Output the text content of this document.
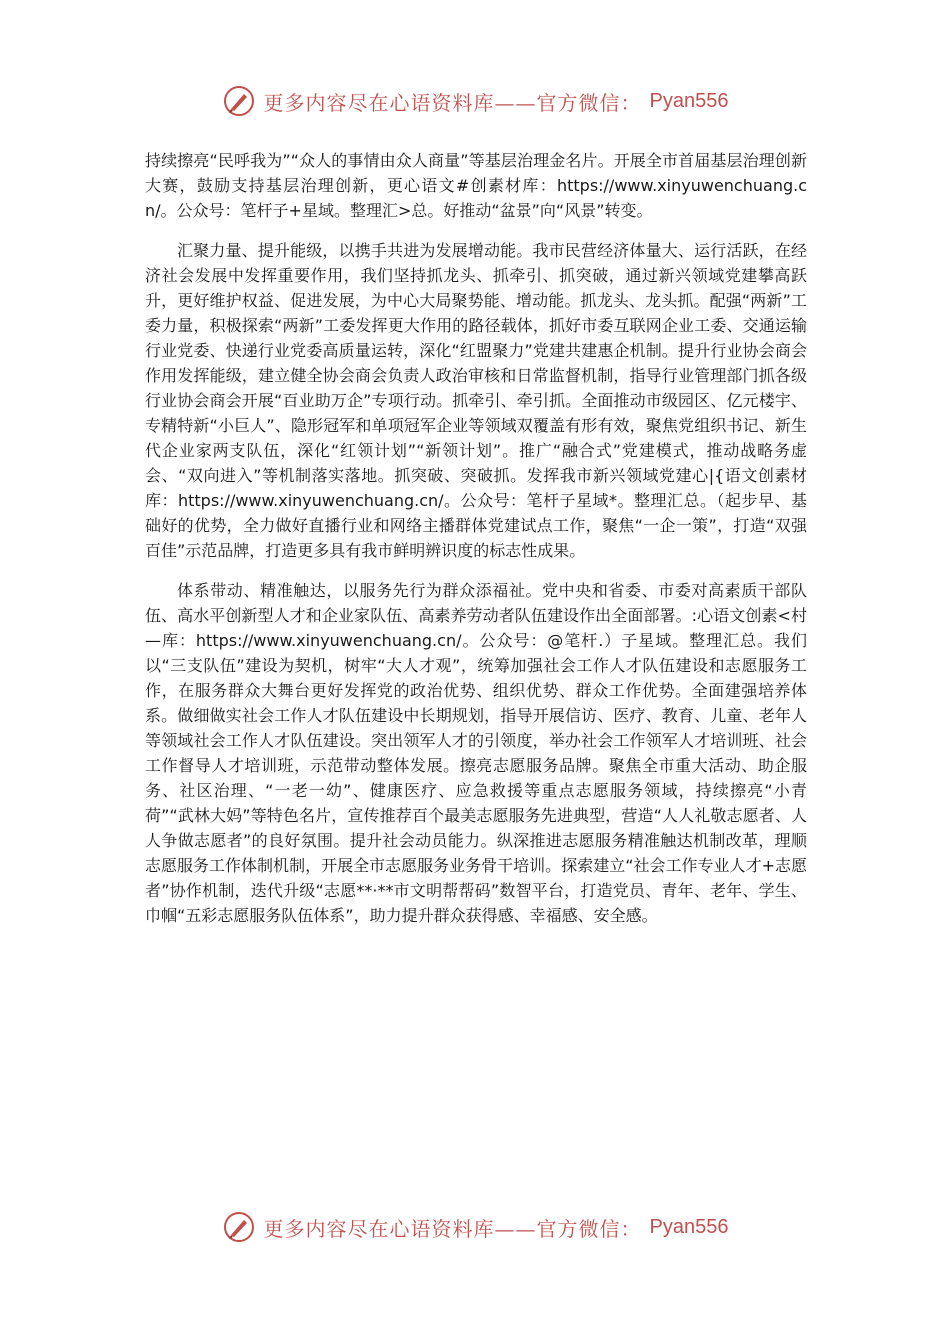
更多内容尽在心语资料库——官方微信： Pyan556

持续擦亮“民呼我为”“众人的事情由众人商量”等基层治理金名片。开展全市首届基层治理创新大赛，鼓励支持基层治理创新，更心语文#创素材库：https://www.xinyuwenchuang.cn/。公众号：笔杆子+星域。整理汇>总。好推动“盆景”向“风景”转变。

汇聚力量、提升能级，以携手共进为发展增动能。我市民营经济体量大、运行活跃，在经济社会发展中发挥重要作用，我们坚持抓龙头、抓牵引、抓突破，通过新兴领域党建攀高跃升，更好维护权益、促进发展，为中心大局聚势能、增动能。抓龙头、龙头抓。配强“两新”工委力量，积极探索“两新”工委发挥更大作用的路径载体，抓好市委互联网企业工委、交通运输行业党委、快递行业党委高质量运转，深化“红盟聚力”党建共建惠企机制。提升行业协会商会作用发挥能级，建立健全协会商会负责人政治审核和日常监督机制，指导行业管理部门抓各级行业协会商会开展“百业助万企”专项行动。抓牵引、牵引抓。全面推动市级园区、亿元楼宇、专精特新“小巨人”、隐形冠军和单项冠军企业等领域双覆盖有形有效，聚焦党组织书记、新生代企业家两支队伍，深化“红领计划”“新领计划”。推广“融合式”党建模式，推动战略务虚会、“双向进入”等机制落实落地。抓突破、突破抓。发挥我市新兴领域党建心|{语文创素材库：https://www.xinyuwenchuang.cn/。公众号：笔杆子星域*。整理汇总。（起步早、基础好的优势，全力做好直播行业和网络主播群体党建试点工作，聚焦“一企一策”，打造“双强百佳”示范品牌，打造更多具有我市鲜明辨识度的标志性成果。

体系带动、精准触达，以服务先行为群众添福祉。党中央和省委、市委对高素质干部队伍、高水平创新型人才和企业家队伍、高素养劳动者队伍建设作出全面部署。:心语文创素<村—库：https://www.xinyuwenchuang.cn/。公众号：@笔杆.）子星域。整理汇总。我们以“三支队伍”建设为契机，树牢“大人才观”，统筹加强社会工作人才队伍建设和志愿服务工作，在服务群众大舞台更好发挥党的政治优势、组织优势、群众工作优势。全面建强培养体系。做细做实社会工作人才队伍建设中长期规划，指导开展信访、医疗、教育、儿童、老年人等领域社会工作人才队伍建设。突出领军人才的引领度，举办社会工作领军人才培训班、社会工作督导人才培训班，示范带动整体发展。擦亮志愿服务品牌。聚焦全市重大活动、助企服务、社区治理、“一老一幼”、健康医疗、应急救援等重点志愿服务领域，持续擦亮“小青荷”“武林大妈”等特色名片，宣传推荐百个最美志愿服务先进典型，营造“人人礼敬志愿者、人人争做志愿者”的良好氛围。提升社会动员能力。纵深推进志愿服务精准触达机制改革，理顺志愿服务工作体制机制，开展全市志愿服务业务骨干培训。探索建立“社会工作专业人才+志愿者”协作机制，迭代升级“志愿**·**市文明帮帮码”数智平台，打造党员、青年、老年、学生、巾帼“五彩志愿服务队伍体系”，助力提升群众获得感、幸福感、安全感。

更多内容尽在心语资料库——官方微信： Pyan556
